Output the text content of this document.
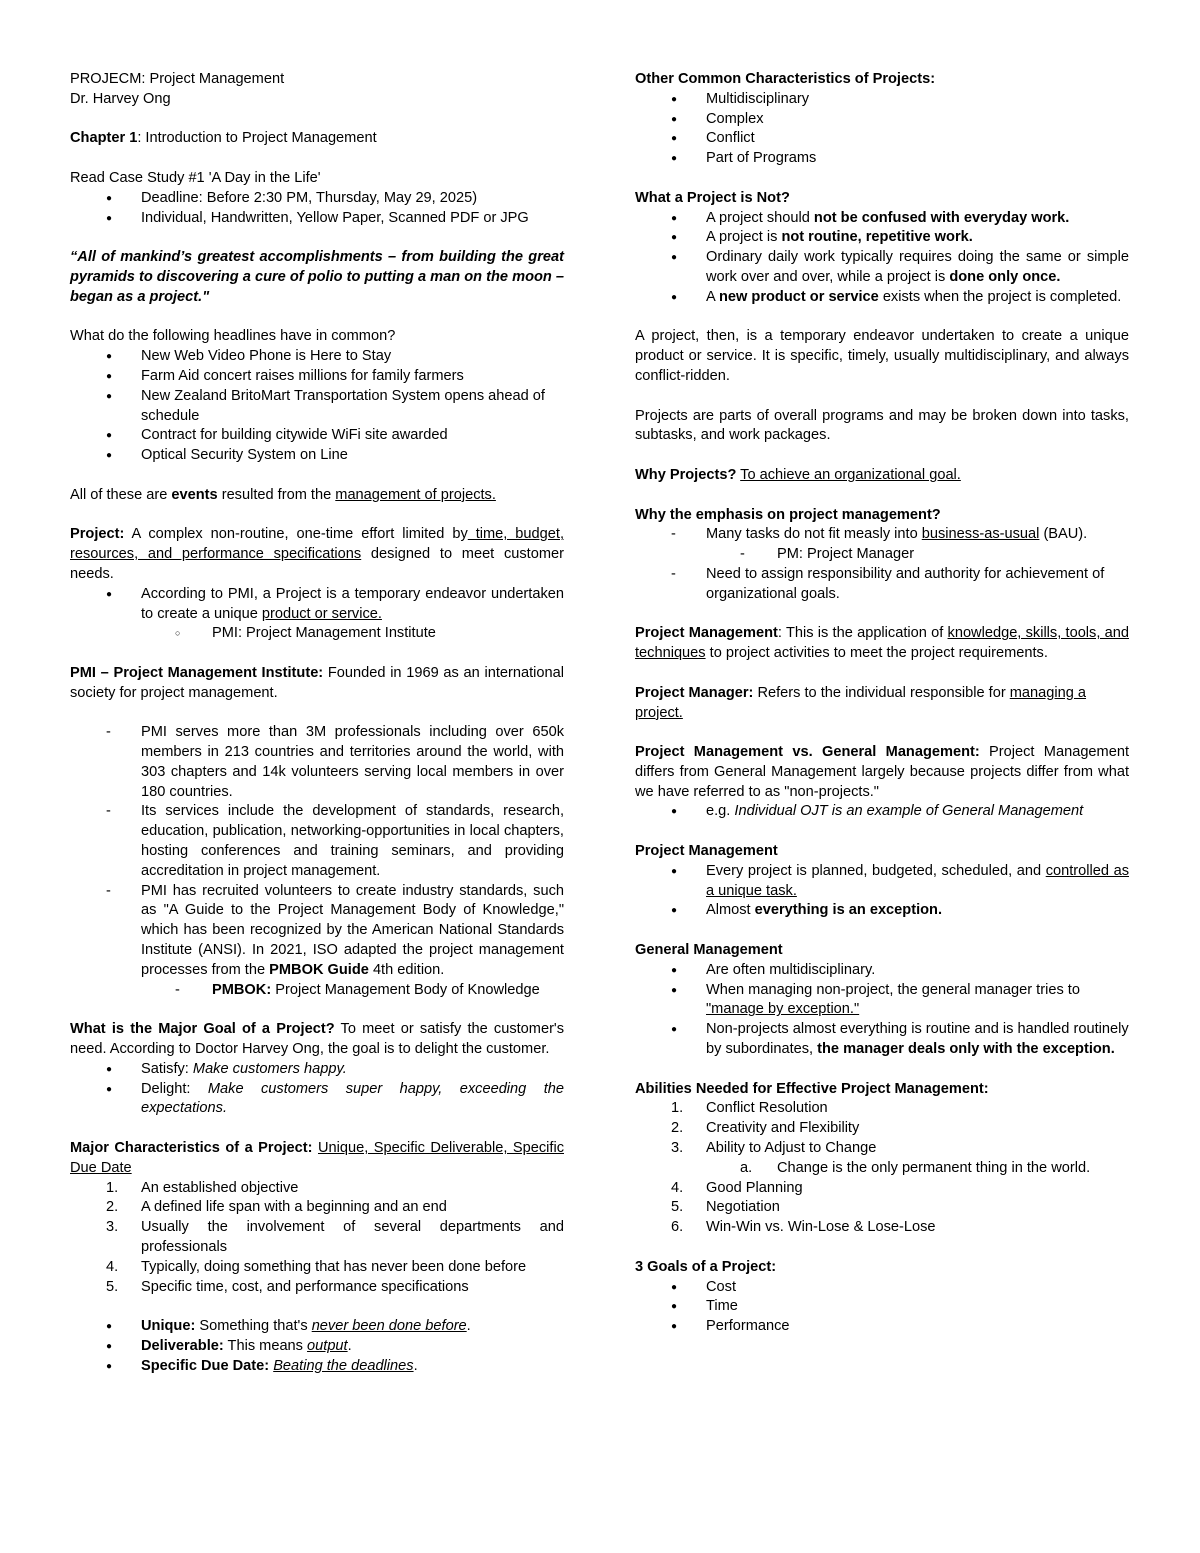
PROJECM: Project Management

Dr. Harvey Ong

Chapter 1: Introduction to Project Management

Read Case Study #1 'A Day in the Life'

●
Deadline: Before 2:30 PM, Thursday, May 29, 2025)
●
Individual, Handwritten, Yellow Paper, Scanned PDF or JPG

“All of mankind’s greatest accomplishments – from building the great pyramids to discovering a cure of polio to putting a man on the moon – began as a project."

What do the following headlines have in common?

●
New Web Video Phone is Here to Stay
●
Farm Aid concert raises millions for family farmers
●
New Zealand BritoMart Transportation System opens ahead of schedule
●
Contract for building citywide WiFi site awarded
●
Optical Security System on Line

All of these are events resulted from the management of projects.

Project: A complex non-routine, one-time effort limited by time, budget, resources, and performance specifications designed to meet customer needs.

●
According to PMI, a Project is a temporary endeavor undertaken to create a unique product or service.
○
PMI: Project Management Institute

PMI – Project Management Institute: Founded in 1969 as an international society for project management.

-	PMI serves more than 3M professionals including over 650k members in 213 countries and territories around the world, with 303 chapters and 14k volunteers serving local members in over 180 countries.
-	Its services include the development of standards, research, education, publication, networking-opportunities in local chapters, hosting conferences and training seminars, and providing accreditation in project management.
-	PMI has recruited volunteers to create industry standards, such as "A Guide to the Project Management Body of Knowledge," which has been recognized by the American National Standards Institute (ANSI). In 2021, ISO adapted the project management processes from the PMBOK Guide 4th edition.
-	PMBOK: Project Management Body of Knowledge

What is the Major Goal of a Project? To meet or satisfy the customer's need. According to Doctor Harvey Ong, the goal is to delight the customer.

●
Satisfy: Make customers happy.
●
Delight: Make customers super happy, exceeding the expectations.

Major Characteristics of a Project: Unique, Specific Deliverable, Specific Due Date

1.	An established objective
2.	A defined life span with a beginning and an end
3.	Usually the involvement of several departments and professionals
4.	Typically, doing something that has never been done before
5.	Specific time, cost, and performance specifications
●
Unique: Something that's never been done before.
●
Deliverable: This means output.
●
Specific Due Date: Beating the deadlines.

Other Common Characteristics of Projects:

●
Multidisciplinary
●
Complex
●
Conflict
●
Part of Programs

What a Project is Not?

●
A project should not be confused with everyday work.
●
A project is not routine, repetitive work.
●
Ordinary daily work typically requires doing the same or simple work over and over, while a project is done only once.
●
A new product or service exists when the project is completed.

A project, then, is a temporary endeavor undertaken to create a unique product or service. It is specific, timely, usually multidisciplinary, and always conflict-ridden.

Projects are parts of overall programs and may be broken down into tasks, subtasks, and work packages.

Why Projects? To achieve an organizational goal.

Why the emphasis on project management?

-	Many tasks do not fit measly into business-as-usual (BAU).
-	PM: Project Manager
-	Need to assign responsibility and authority for achievement of organizational goals.

Project Management: This is the application of knowledge, skills, tools, and techniques to project activities to meet the project requirements.

Project Manager: Refers to the individual responsible for managing a project.

Project Management vs. General Management: Project Management differs from General Management largely because projects differ from what we have referred to as "non-projects."

●
e.g. Individual OJT is an example of General Management

Project Management

●
Every project is planned, budgeted, scheduled, and controlled as a unique task.
●
Almost everything is an exception.

General Management

●
Are often multidisciplinary.
●
When managing non-project, the general manager tries to "manage by exception."
●
Non-projects almost everything is routine and is handled routinely by subordinates, the manager deals only with the exception.

Abilities Needed for Effective Project Management:

1.	Conflict Resolution
2.	Creativity and Flexibility
3.	Ability to Adjust to Change
a.	Change is the only permanent thing in the world.
4.	Good Planning
5.	Negotiation
6.	Win-Win vs. Win-Lose & Lose-Lose

3 Goals of a Project:

●
Cost
●
Time
●
Performance
